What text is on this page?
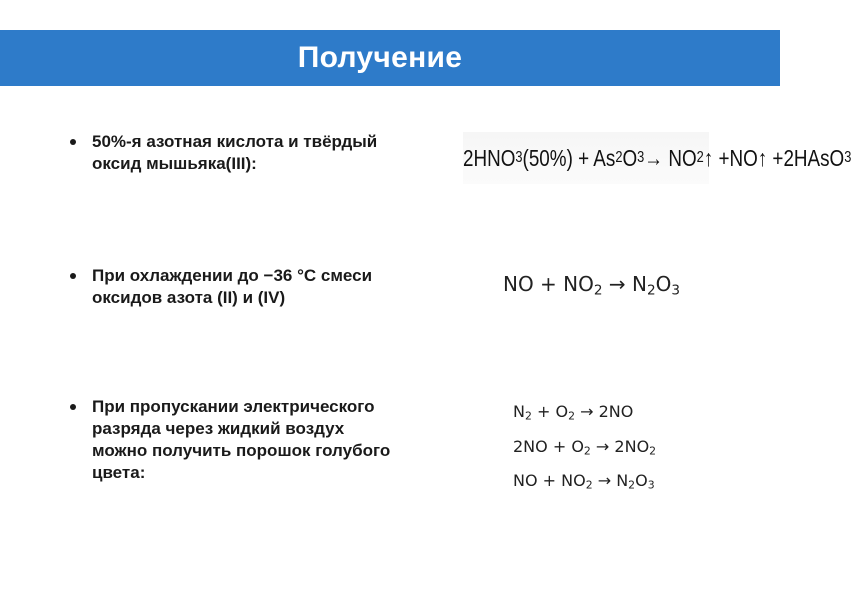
Получение
50%-я азотная кислота и твёрдый
оксид мышьяка(III):
При охлаждении до −36 °C смеси
оксидов азота (II) и (IV)
При пропускании электрического
разряда через жидкий воздух
можно получить порошок голубого
цвета:
2HNO 3 (50%) + As 2 O 3 → NO 2 ↑ +NO↑ +2HAsO 3
NO + $NO_2 \to N_2O_3$
$N_2 + O_2 \to 2NO$
$2NO + O_2 \to 2NO_2$
NO + $NO_2 \to N_2O_3$
